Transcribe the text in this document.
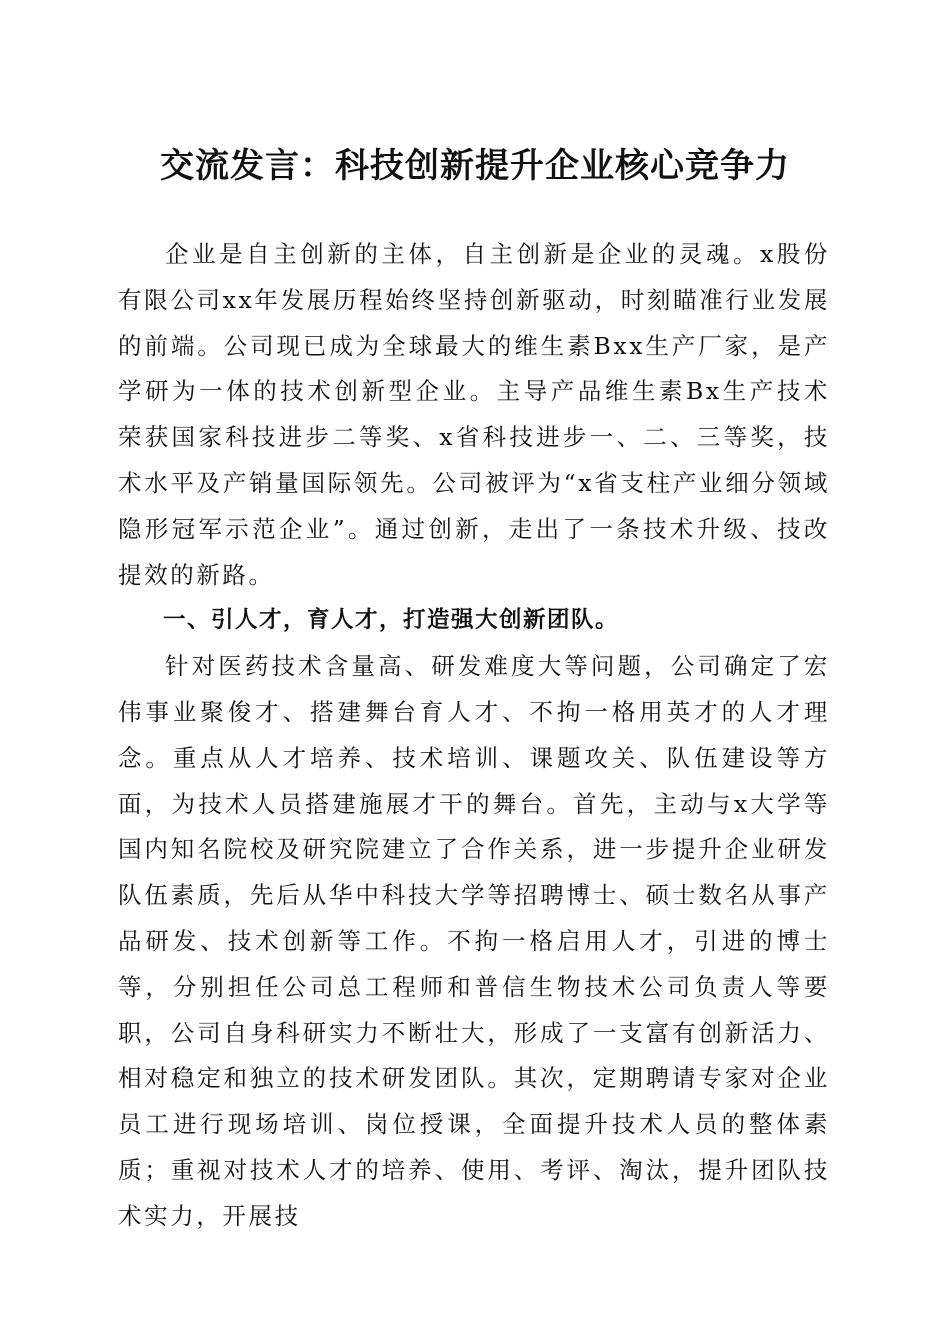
交流发言：科技创新提升企业核心竞争力

企业是自主创新的主体，自主创新是企业的灵魂。x股份有限公司xx年发展历程始终坚持创新驱动，时刻瞄准行业发展的前端。公司现已成为全球最大的维生素Bxx生产厂家，是产学研为一体的技术创新型企业。主导产品维生素Bx生产技术荣获国家科技进步二等奖、x省科技进步一、二、三等奖，技术水平及产销量国际领先。公司被评为“x省支柱产业细分领域隐形冠军示范企业”。通过创新，走出了一条技术升级、技改提效的新路。

一、引人才，育人才，打造强大创新团队。

针对医药技术含量高、研发难度大等问题，公司确定了宏伟事业聚俊才、搭建舞台育人才、不拘一格用英才的人才理念。重点从人才培养、技术培训、课题攻关、队伍建设等方面，为技术人员搭建施展才干的舞台。首先，主动与x大学等国内知名院校及研究院建立了合作关系，进一步提升企业研发队伍素质，先后从华中科技大学等招聘博士、硕士数名从事产品研发、技术创新等工作。不拘一格启用人才，引进的博士等，分别担任公司总工程师和普信生物技术公司负责人等要职，公司自身科研实力不断壮大，形成了一支富有创新活力、相对稳定和独立的技术研发团队。其次，定期聘请专家对企业员工进行现场培训、岗位授课，全面提升技术人员的整体素质；重视对技术人才的培养、使用、考评、淘汰，提升团队技术实力，开展技
